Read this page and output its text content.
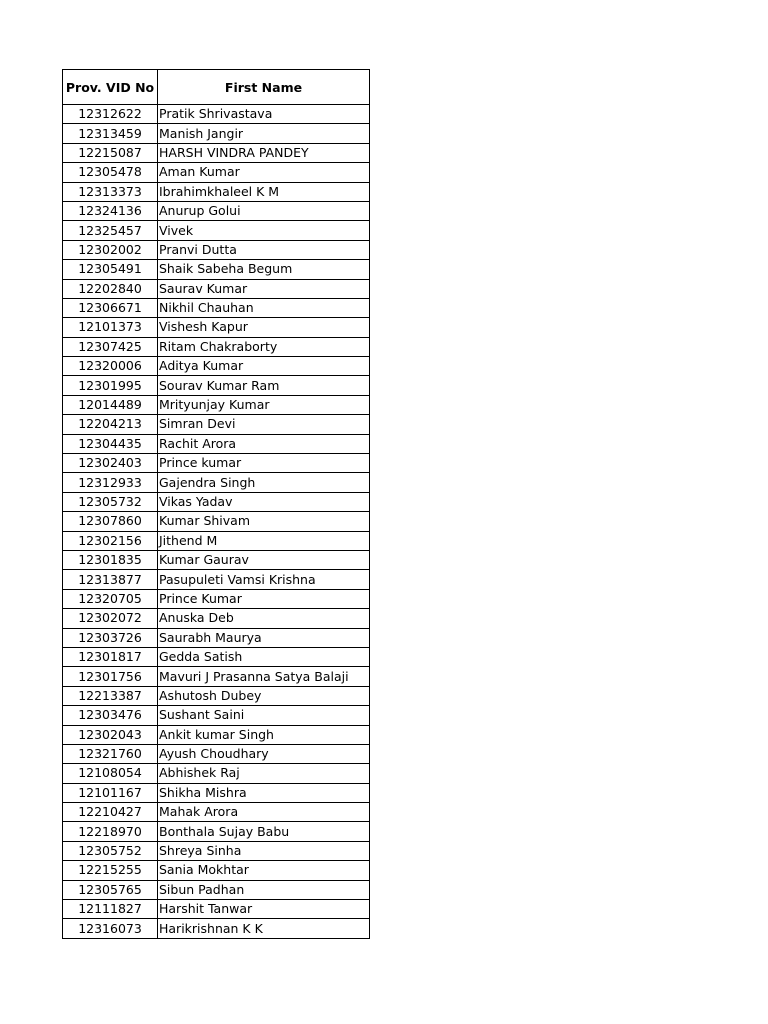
Prov. VID No	First Name
12312622	Pratik Shrivastava
12313459	Manish Jangir
12215087	HARSH VINDRA PANDEY
12305478	Aman Kumar
12313373	Ibrahimkhaleel K M
12324136	Anurup Golui
12325457	Vivek
12302002	Pranvi Dutta
12305491	Shaik Sabeha Begum
12202840	Saurav Kumar
12306671	Nikhil Chauhan
12101373	Vishesh Kapur
12307425	Ritam Chakraborty
12320006	Aditya Kumar
12301995	Sourav Kumar Ram
12014489	Mrityunjay Kumar
12204213	Simran Devi
12304435	Rachit Arora
12302403	Prince kumar
12312933	Gajendra Singh
12305732	Vikas Yadav
12307860	Kumar Shivam
12302156	Jithend M
12301835	Kumar Gaurav
12313877	Pasupuleti Vamsi Krishna
12320705	Prince Kumar
12302072	Anuska Deb
12303726	Saurabh Maurya
12301817	Gedda Satish
12301756	Mavuri J Prasanna Satya Balaji
12213387	Ashutosh Dubey
12303476	Sushant Saini
12302043	Ankit kumar Singh
12321760	Ayush Choudhary
12108054	Abhishek Raj
12101167	Shikha Mishra
12210427	Mahak Arora
12218970	Bonthala Sujay Babu
12305752	Shreya Sinha
12215255	Sania Mokhtar
12305765	Sibun Padhan
12111827	Harshit Tanwar
12316073	Harikrishnan K K
